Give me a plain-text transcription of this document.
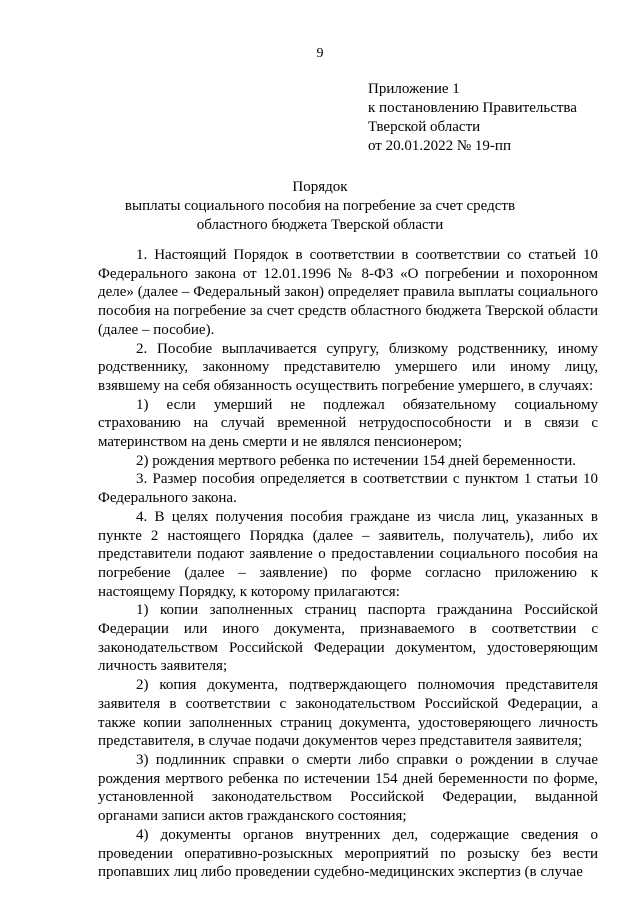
9
Приложение 1
к постановлению Правительства
Тверской области
от 20.01.2022 № 19-пп
Порядок
выплаты социального пособия на погребение за счет средств
областного бюджета Тверской области

1. Настоящий Порядок в соответствии в соответствии со статьей 10 Федерального закона от 12.01.1996 № 8-ФЗ «О погребении и похоронном деле» (далее – Федеральный закон) определяет правила выплаты социального пособия на погребение за счет средств областного бюджета Тверской области (далее – пособие).

2. Пособие выплачивается супругу, близкому родственнику, иному родственнику, законному представителю умершего или иному лицу, взявшему на себя обязанность осуществить погребение умершего, в случаях:

1) если умерший не подлежал обязательному социальному страхованию на случай временной нетрудоспособности и в связи с материнством на день смерти и не являлся пенсионером;

2) рождения мертвого ребенка по истечении 154 дней беременности.

3. Размер пособия определяется в соответствии с пунктом 1 статьи 10 Федерального закона.

4. В целях получения пособия граждане из числа лиц, указанных в пункте 2 настоящего Порядка (далее – заявитель, получатель), либо их представители подают заявление о предоставлении социального пособия на погребение (далее – заявление) по форме согласно приложению к настоящему Порядку, к которому прилагаются:

1) копии заполненных страниц паспорта гражданина Российской Федерации или иного документа, признаваемого в соответствии с законодательством Российской Федерации документом, удостоверяющим личность заявителя;

2) копия документа, подтверждающего полномочия представителя заявителя в соответствии с законодательством Российской Федерации, а также копии заполненных страниц документа, удостоверяющего личность представителя, в случае подачи документов через представителя заявителя;

3) подлинник справки о смерти либо справки о рождении в случае рождения мертвого ребенка по истечении 154 дней беременности по форме, установленной законодательством Российской Федерации, выданной органами записи актов гражданского состояния;

4) документы органов внутренних дел, содержащие сведения о проведении оперативно-розыскных мероприятий по розыску без вести пропавших лиц либо проведении судебно-медицинских экспертиз (в случае
